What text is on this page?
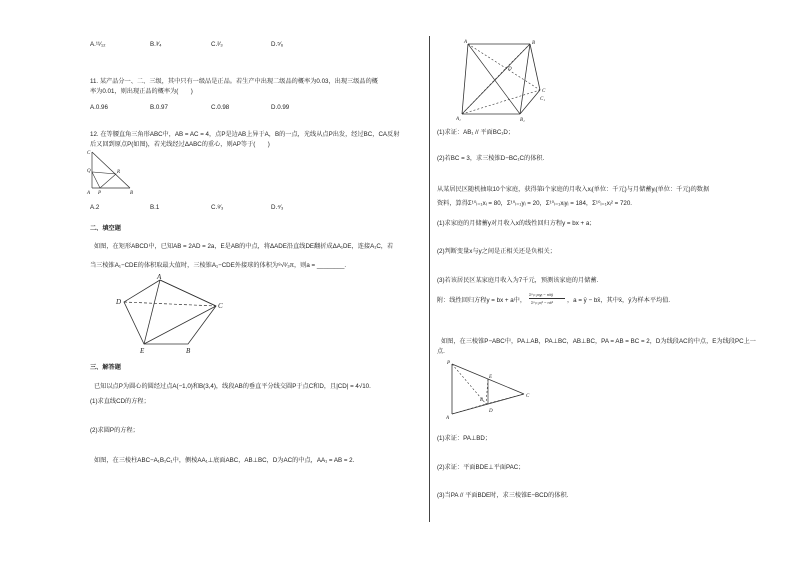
A.¹¹⁄₁₂	B.³⁄₄	C.²⁄₃	D.⁵⁄₆
11. 某产品分一、二、三级，其中只有一级品是正品。若生产中出现二级品的概率为0.03，出现三级品的概
率为0.01，则出现正品的概率为(　　)
A.0.96	B.0.97	C.0.98	D.0.99
12. 在等腰直角三角形ABC中，AB = AC = 4，点P是边AB上异于A，B的一点，光线从点P出发，经过BC，CA反射
后又回到原点P(如图)，若光线经过ΔABC的重心，则AP等于(　　)
A.2	B.1	C.⁸⁄₃	D.⁴⁄₃
二、填空题
如图，在矩形ABCD中，已知AB = 2AD = 2a，E是AB的中点，将ΔADE沿直线DE翻折成ΔA₁DE，连接A₁C，若
当三棱锥A₁−CDE的体积取最大值时，三棱锥A₁−CDE外接球的体积为⁸√²⁄₃π，则a = ________.
三、解答题
已知以点P为圆心的圆经过点A(−1,0)和B(3,4)，线段AB的垂直平分线交圆P于点C和D，且|CD| = 4√10.
(1)求直线CD的方程；
(2)求圆P的方程；
如图，在三棱柱ABC−A₁B₁C₁中，侧棱AA₁⊥底面ABC，AB⊥BC，D为AC的中点，AA₁ = AB = 2.
C
Q	R
P
A	B
A
D	C
E	B
A	B
C
D
A₁	B₁
C₁
(1)求证：AB₁ // 平面BC₁D；
(2)若BC = 3，求三棱锥D−BC₁C的体积.
从某居民区随机抽取10个家庭，获得第i个家庭的月收入xᵢ(单位：千元)与月储蓄yᵢ(单位：千元)的数据
资料，算得Σ¹⁰ᵢ₌₁xᵢ = 80，Σ¹⁰ᵢ₌₁yᵢ = 20，Σ¹⁰ᵢ₌₁xᵢyᵢ = 184，Σ¹⁰ᵢ₌₁xᵢ² = 720.
(1)求家庭的月储蓄y对月收入x的线性回归方程y = bx + a；
(2)判断变量x与y之间是正相关还是负相关；
(3)若该居民区某家庭月收入为7千元，预测该家庭的月储蓄.
附：线性回归方程y = bx + a中，
Σⁿᵢ₌₁xᵢyᵢ − nx̄ȳ
Σⁿᵢ₌₁xᵢ² − nx̄² ，a = ȳ − bx̄，其中x̄，ȳ为样本平均值.
如图，在三棱锥P−ABC中，PA⊥AB，PA⊥BC，AB⊥BC，PA = AB = BC = 2，D为线段AC的中点，E为线段PC上一
点.
(1)求证：PA⊥BD；
(2)求证：平面BDE⊥平面PAC；
(3)当PA // 平面BDE时，求三棱锥E−BCD的体积.
P
E
A
B
C
D
